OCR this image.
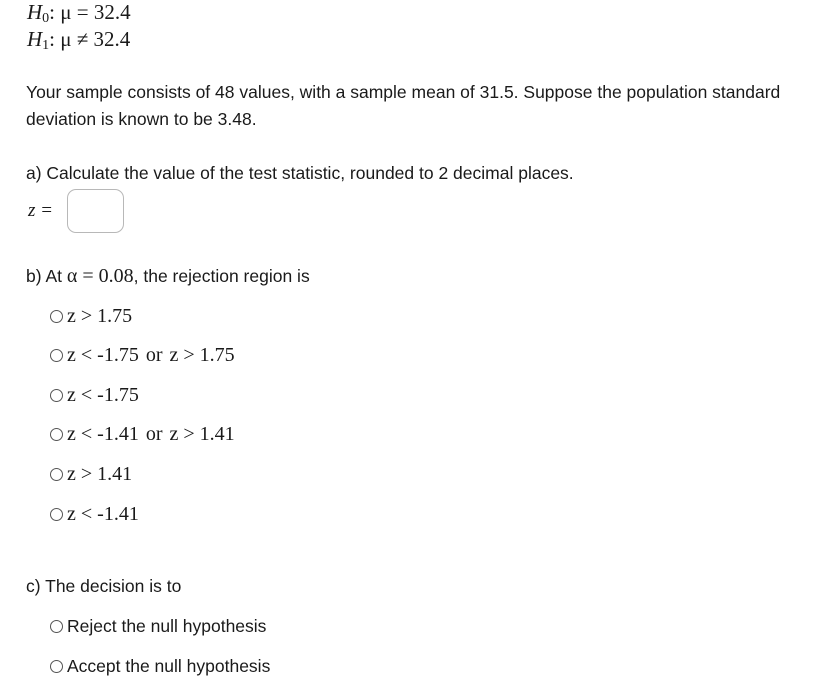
$H_0$: μ = 32.4
$H_1$: μ ≠ 32.4
Your sample consists of 48 values, with a sample mean of 31.5. Suppose the population standard deviation is known to be 3.48.
a) Calculate the value of the test statistic, rounded to 2 decimal places.
z =
b) At α = 0.08, the rejection region is
z > 1.75
z < -1.75 or z > 1.75
z < -1.75
z < -1.41 or z > 1.41
z > 1.41
z < -1.41
c) The decision is to
Reject the null hypothesis
Accept the null hypothesis
